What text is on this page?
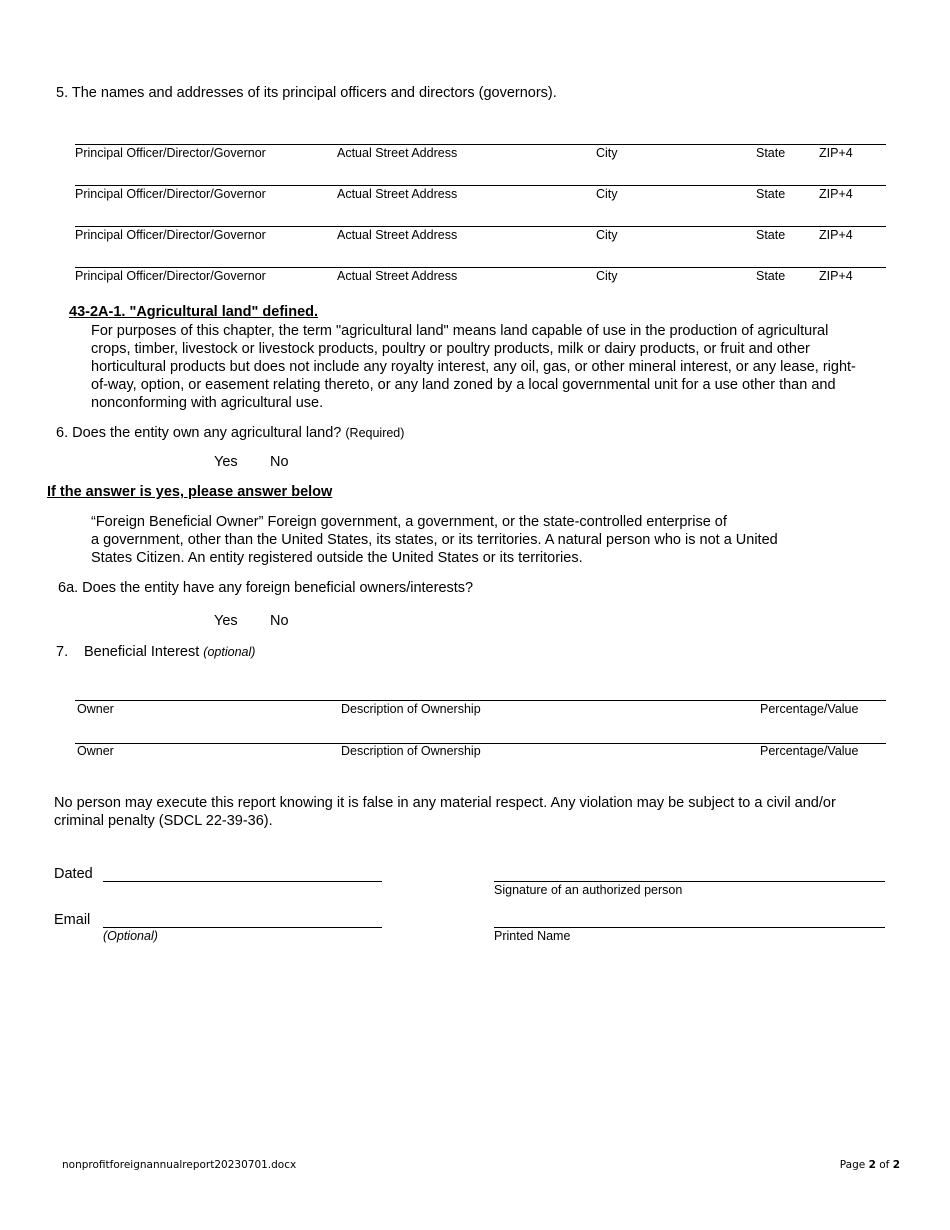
5. The names and addresses of its principal officers and directors (governors).
Principal Officer/Director/Governor	Actual Street Address	City	State	ZIP+4
Principal Officer/Director/Governor	Actual Street Address	City	State	ZIP+4
Principal Officer/Director/Governor	Actual Street Address	City	State	ZIP+4
Principal Officer/Director/Governor	Actual Street Address	City	State	ZIP+4
43-2A-1. "Agricultural land" defined.
For purposes of this chapter, the term "agricultural land" means land capable of use in the production of agricultural crops, timber, livestock or livestock products, poultry or poultry products, milk or dairy products, or fruit and other horticultural products but does not include any royalty interest, any oil, gas, or other mineral interest, or any lease, right-of-way, option, or easement relating thereto, or any land zoned by a local governmental unit for a use other than and nonconforming with agricultural use.
6. Does the entity own any agricultural land? (Required)
Yes No
If the answer is yes, please answer below
“Foreign Beneficial Owner” Foreign government, a government, or the state-controlled enterprise of
a government, other than the United States, its states, or its territories. A natural person who is not a United
States Citizen. An entity registered outside the United States or its territories.
6a. Does the entity have any foreign beneficial owners/interests?
Yes No
7. Beneficial Interest (optional)
Owner	Description of Ownership	Percentage/Value
Owner	Description of Ownership	Percentage/Value
No person may execute this report knowing it is false in any material respect. Any violation may be subject to a civil and/or
criminal penalty (SDCL 22-39-36).
Dated
Signature of an authorized person
Email
(Optional)	Printed Name
nonprofitforeignannualreport20230701.docx	Page 2 of 2
